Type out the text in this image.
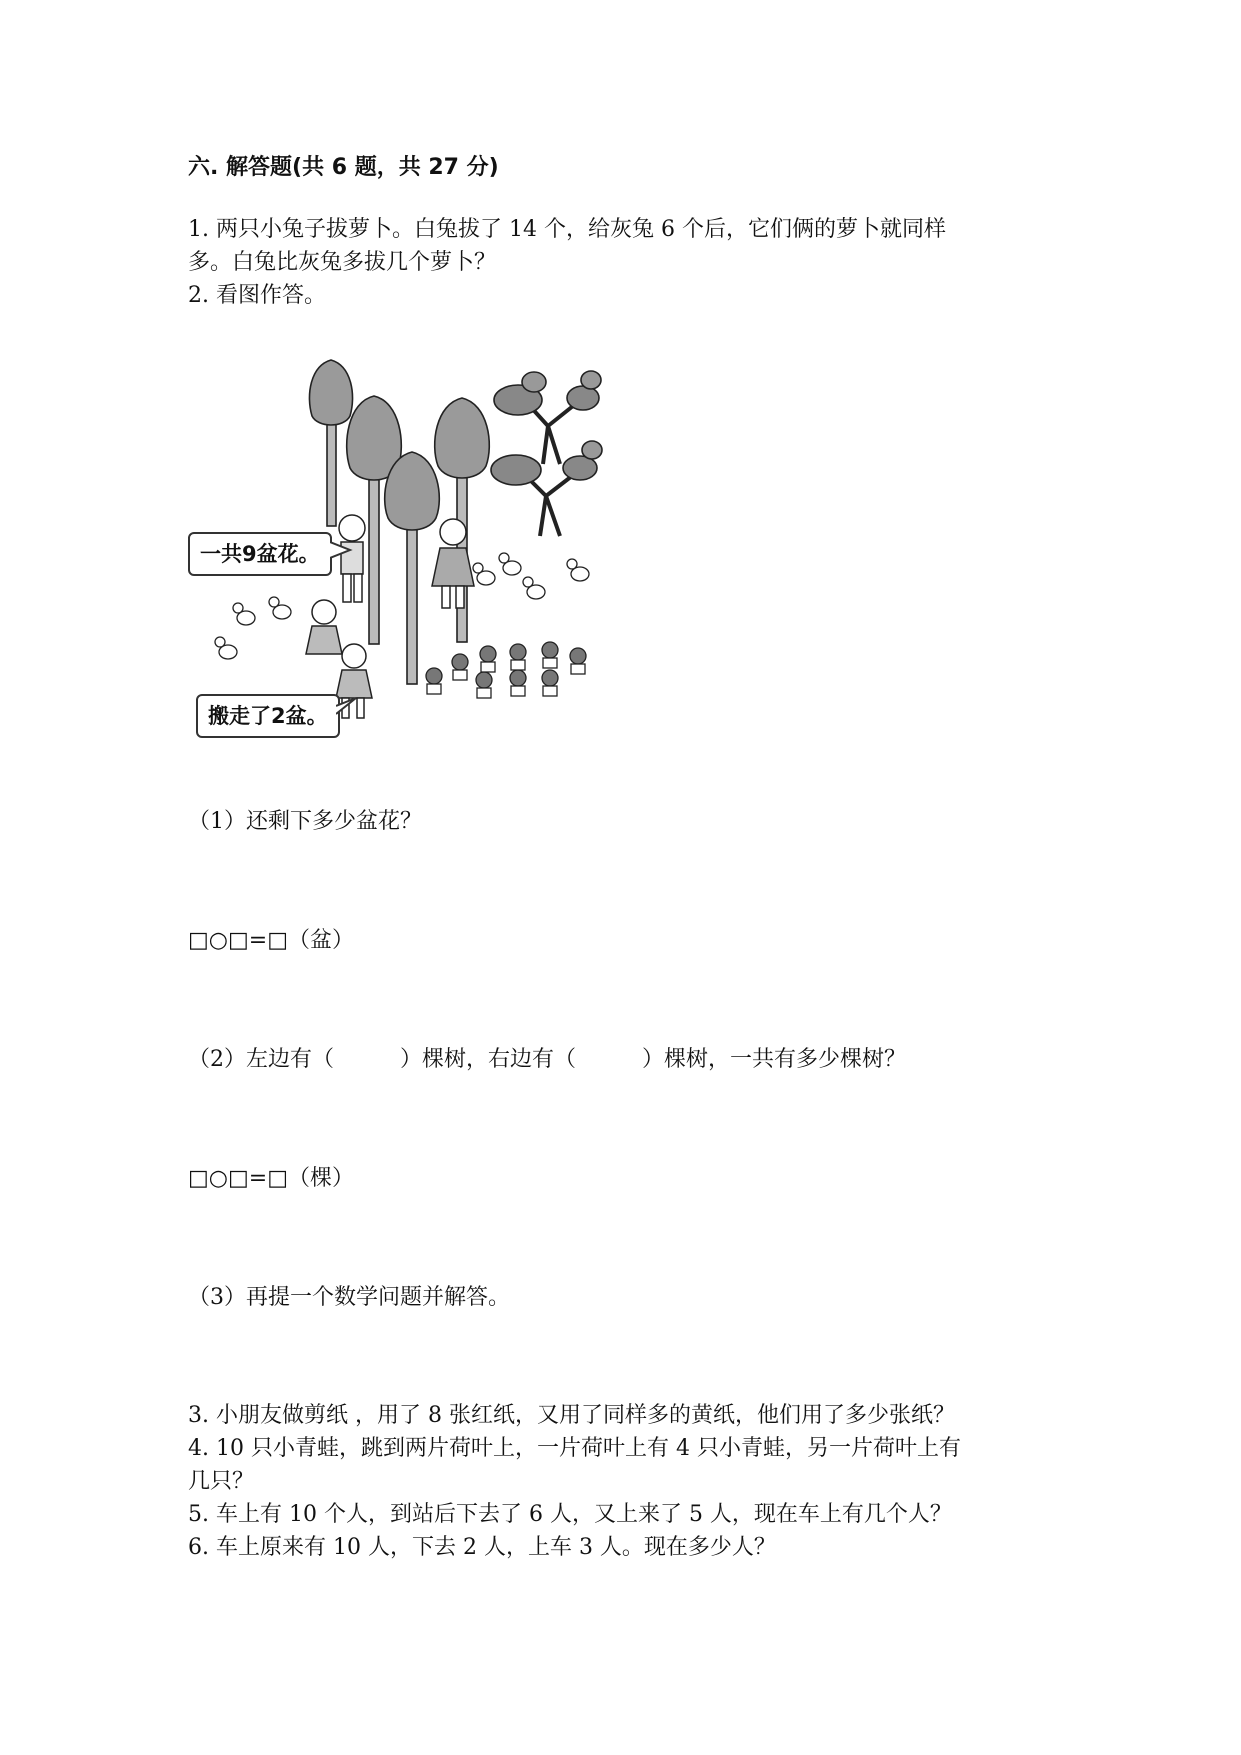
六. 解答题(共 6 题，共 27 分)
1. 两只小兔子拔萝卜。白兔拔了 14 个，给灰兔 6 个后，它们俩的萝卜就同样
多。白兔比灰兔多拔几个萝卜？
2. 看图作答。
一共9盆花。
搬走了2盆。
（1）还剩下多少盆花？
□○□=□（盆）
（2）左边有（　　　）棵树，右边有（　　　）棵树，一共有多少棵树？
□○□=□（棵）
（3）再提一个数学问题并解答。
3. 小朋友做剪纸 ，用了 8 张红纸，又用了同样多的黄纸，他们用了多少张纸？
4. 10 只小青蛙，跳到两片荷叶上，一片荷叶上有 4 只小青蛙，另一片荷叶上有
几只？
5. 车上有 10 个人，到站后下去了 6 人，又上来了 5 人，现在车上有几个人？
6. 车上原来有 10 人，下去 2 人，上车 3 人。现在多少人？
